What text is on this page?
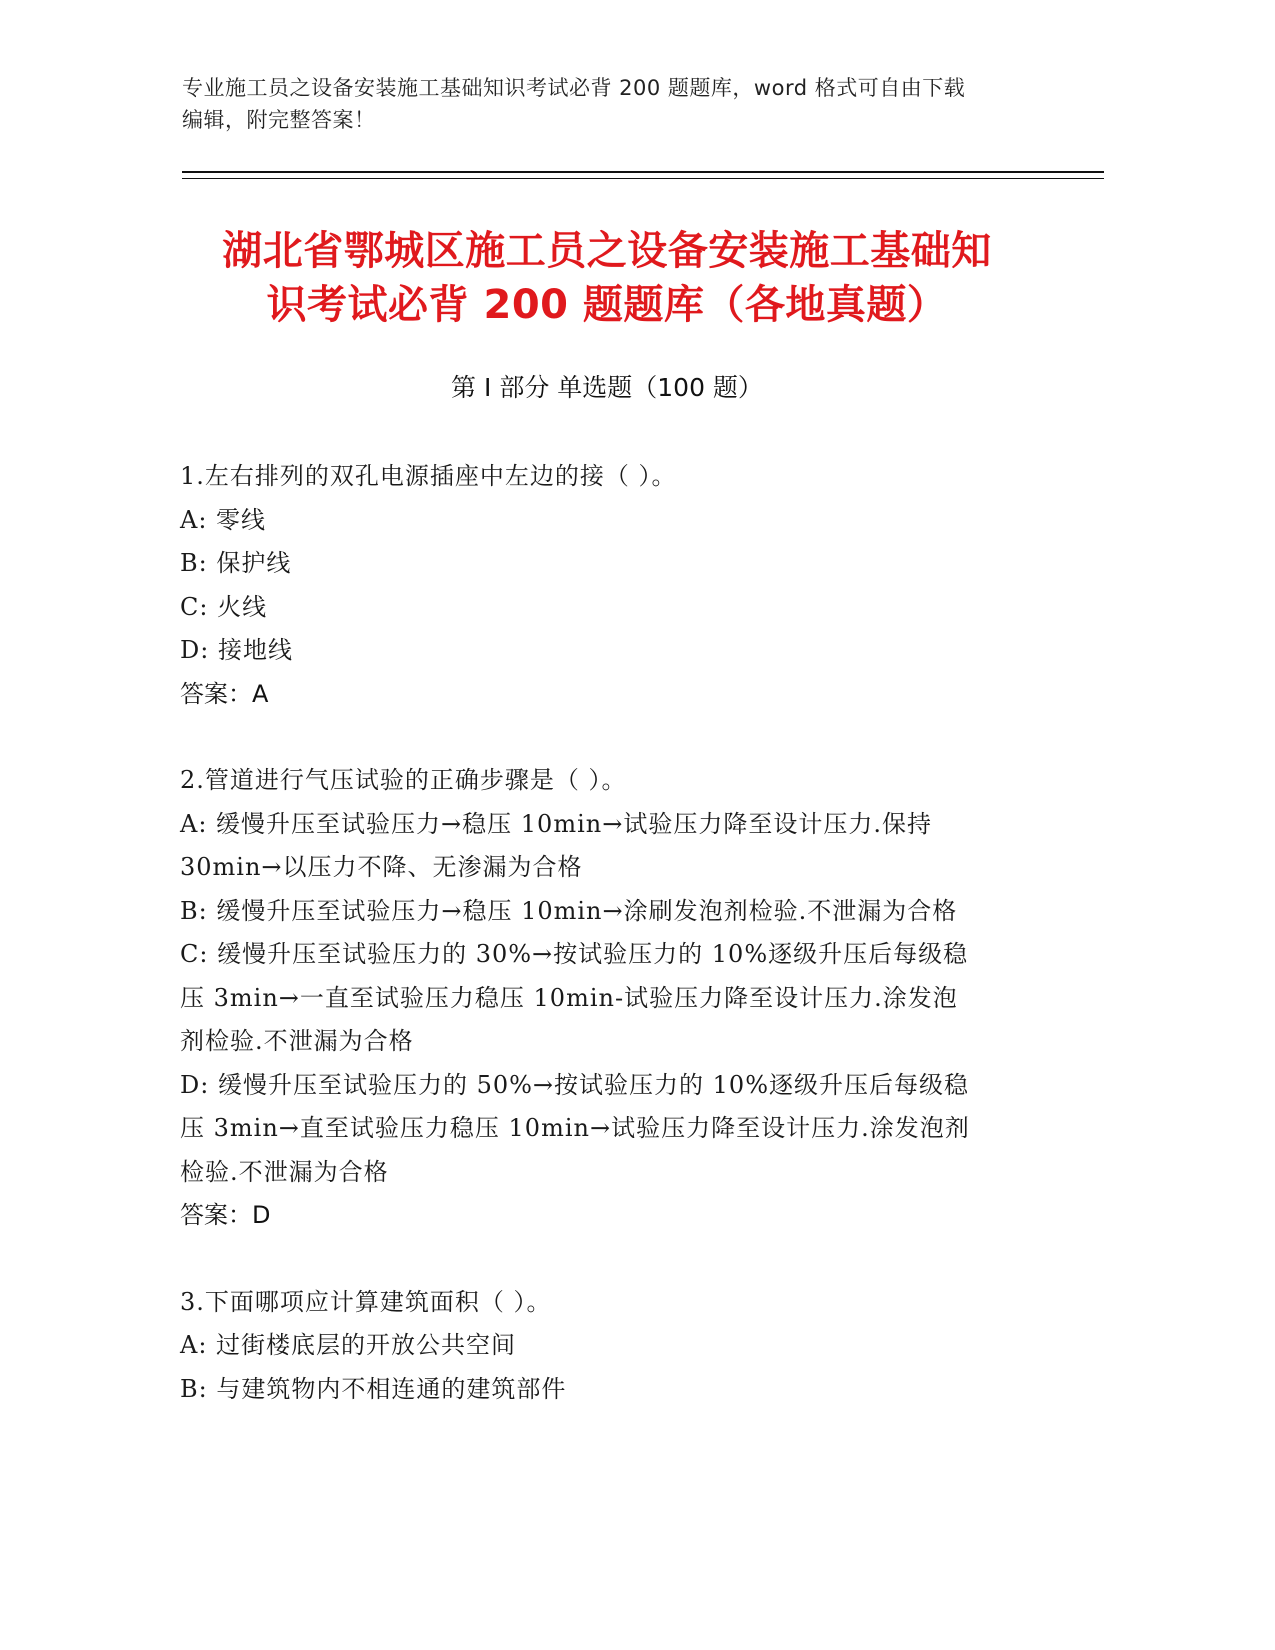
专业施工员之设备安装施工基础知识考试必背 200 题题库，word 格式可自由下载
编辑，附完整答案！
湖北省鄂城区施工员之设备安装施工基础知
识考试必背 200 题题库（各地真题）
第 I 部分 单选题（100 题）
1.左右排列的双孔电源插座中左边的接（ ）。
A: 零线
B: 保护线
C: 火线
D: 接地线
答案：A
2.管道进行气压试验的正确步骤是（ ）。
A: 缓慢升压至试验压力→稳压 10min→试验压力降至设计压力.保持
30min→以压力不降、无渗漏为合格
B: 缓慢升压至试验压力→稳压 10min→涂刷发泡剂检验.不泄漏为合格
C: 缓慢升压至试验压力的 30%→按试验压力的 10%逐级升压后每级稳
压 3min→一直至试验压力稳压 10min-试验压力降至设计压力.涂发泡
剂检验.不泄漏为合格
D: 缓慢升压至试验压力的 50%→按试验压力的 10%逐级升压后每级稳
压 3min→直至试验压力稳压 10min→试验压力降至设计压力.涂发泡剂
检验.不泄漏为合格
答案：D
3.下面哪项应计算建筑面积（ ）。
A: 过街楼底层的开放公共空间
B: 与建筑物内不相连通的建筑部件
